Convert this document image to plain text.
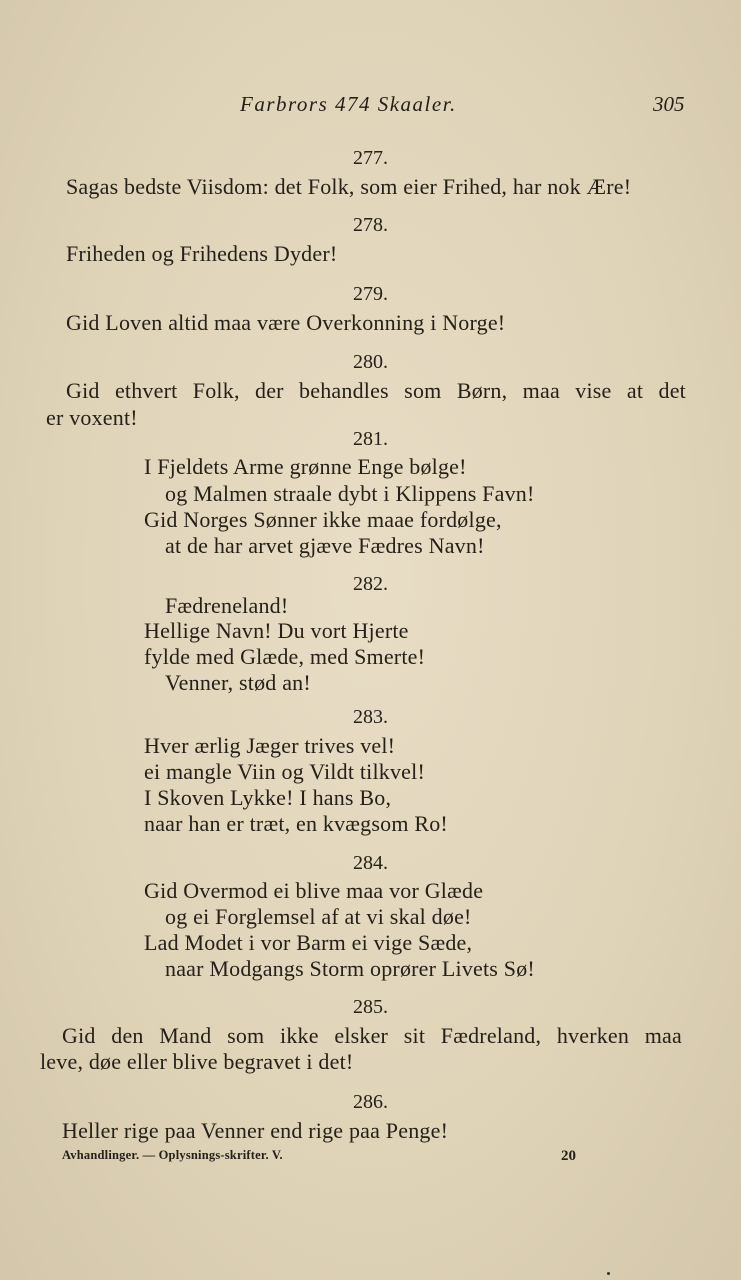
Farbrors 474 Skaaler.	305
277.
Sagas bedste Viisdom: det Folk, som eier Frihed, har nok Ære!
278.
Friheden og Frihedens Dyder!
279.
Gid Loven altid maa være Overkonning i Norge!
280.
Gid ethvert Folk, der behandles som Børn, maa vise at det
er voxent!
281.
I Fjeldets Arme grønne Enge bølge!
og Malmen straale dybt i Klippens Favn!
Gid Norges Sønner ikke maae fordølge,
at de har arvet gjæve Fædres Navn!
282.
Fædreneland!
Hellige Navn! Du vort Hjerte
fylde med Glæde, med Smerte!
Venner, stød an!
283.
Hver ærlig Jæger trives vel!
ei mangle Viin og Vildt tilkvel!
I Skoven Lykke! I hans Bo,
naar han er træt, en kvægsom Ro!
284.
Gid Overmod ei blive maa vor Glæde
og ei Forglemsel af at vi skal døe!
Lad Modet i vor Barm ei vige Sæde,
naar Modgangs Storm oprører Livets Sø!
285.
Gid den Mand som ikke elsker sit Fædreland, hverken maa
leve, døe eller blive begravet i det!
286.
Heller rige paa Venner end rige paa Penge!
Avhandlinger. — Oplysnings-skrifter. V.	20
